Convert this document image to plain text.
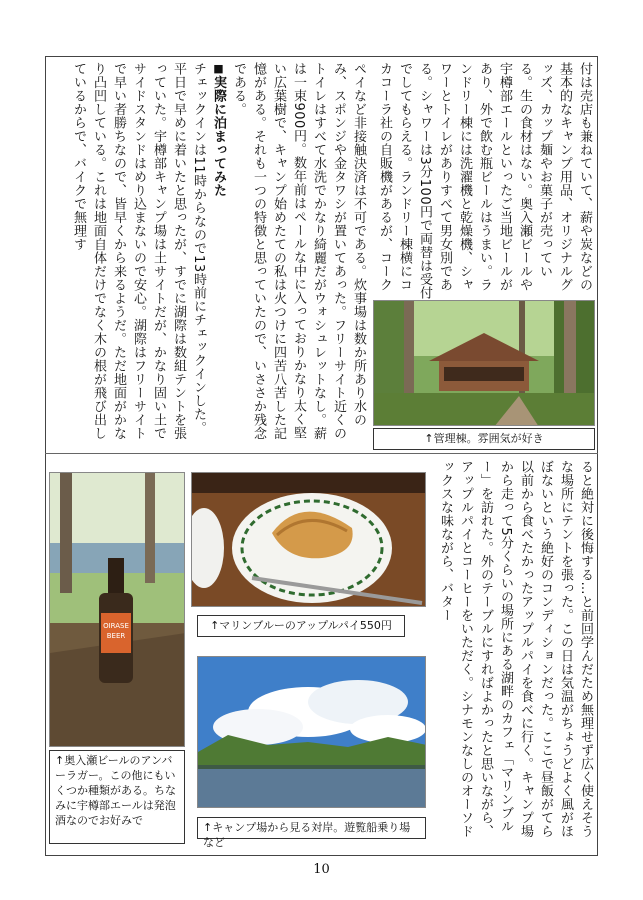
付は売店も兼ねていて、薪や炭などの基本的なキャンプ用品、オリジナルグッズ、カップ麺やお菓子が売っている。生の食材はない。奥入瀬ビールや宇樽部エールといったご当地ビールがあり、外で飲む瓶ビールはうまい。ランドリー棟には洗濯機と乾燥機、シャワーとトイレがありすべて男女別である。シャワーは3分100円で両替は受付でしてもらえる。ランドリー棟横にコカコーラ社の自販機があるが、コーク

ペイなど非接触決済は不可である。炊事場は数か所あり水のみ、スポンジや金タワシが置いてあった。フリーサイト近くのトイレはすべて水洗でかなり綺麗だがウォシュレットなし。薪は一束900円。数年前はペールな中に入っておりかなり太く堅い広葉樹で、キャンプ始めたての私は火つけに四苦八苦した記憶がある。それも一つの特徴と思っていたので、いささか残念である。

■実際に泊まってみた

チェックインは11時からなので13時前にチェックインした。平日で早めに着いたと思ったが、すでに湖際は数組テントを張っていた。宇樽部キャンプ場は土サイトだが、かなり固い土でサイドスタンドはめり込まないので安心。湖際はフリーサイトで早い者勝ちなので、皆早くから来るようだ。ただ地面がかなり凸凹している。これは地面自体だけでなく木の根が飛び出しているからで、バイクで無理す

↑管理棟。雰囲気が好き

ると絶対に後悔する…と前回学んだため無理せず広く使えそうな場所にテントを張った。この日は気温がちょうどよく風がほぼないという絶好のコンディションだった。ここで昼飯がてら以前から食べたかったアップルパイを食べに行く。キャンプ場から走って5分くらいの場所にある湖畔のカフェ「マリンブルー」を訪れた。外のテーブルにすればよかったと思いながら、アップルパイとコーヒーをいただく。シナモンなしのオーソドックスな味ながら、バター

OIRASE
BEER
↑奥入瀬ビールのアンバーラガー。この他にもいくつか種類がある。ちなみに宇樽部エールは発泡酒なのでお好みで
↑マリンブルーのアップルパイ550円
↑キャンプ場から見る対岸。遊覧船乗り場など
10
